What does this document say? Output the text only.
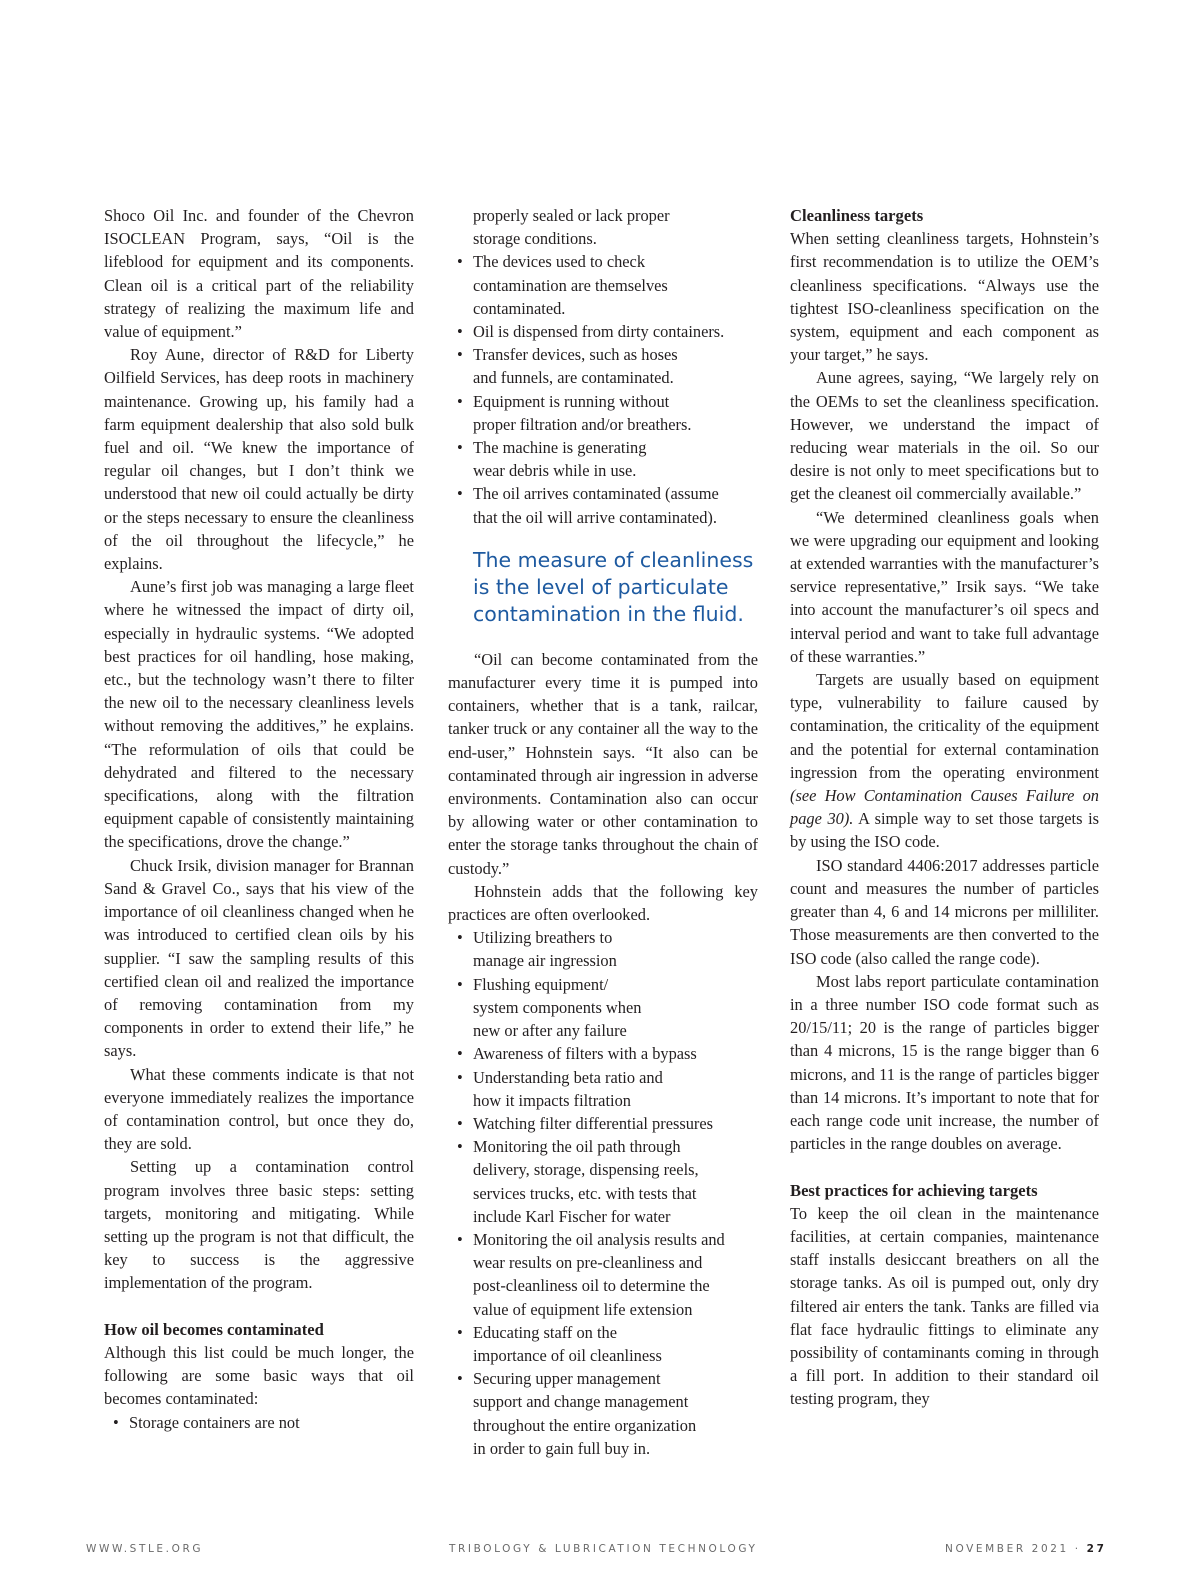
Shoco Oil Inc. and founder of the Chevron ISOCLEAN Program, says, “Oil is the lifeblood for equipment and its components. Clean oil is a critical part of the reliability strategy of realizing the maximum life and value of equipment.”

Roy Aune, director of R&D for Liberty Oilfield Services, has deep roots in machinery maintenance. Growing up, his family had a farm equipment dealership that also sold bulk fuel and oil. “We knew the importance of regular oil changes, but I don’t think we understood that new oil could actually be dirty or the steps necessary to ensure the cleanliness of the oil throughout the lifecycle,” he explains.

Aune’s first job was managing a large fleet where he witnessed the impact of dirty oil, especially in hydraulic systems. “We adopted best practices for oil handling, hose making, etc., but the technology wasn’t there to filter the new oil to the necessary cleanliness levels without removing the additives,” he explains. “The reformulation of oils that could be dehydrated and filtered to the necessary specifications, along with the filtration equipment capable of consistently maintaining the specifications, drove the change.”

Chuck Irsik, division manager for Brannan Sand & Gravel Co., says that his view of the importance of oil cleanliness changed when he was introduced to certified clean oils by his supplier. “I saw the sampling results of this certified clean oil and realized the importance of removing contamination from my components in order to extend their life,” he says.

What these comments indicate is that not everyone immediately realizes the importance of contamination control, but once they do, they are sold.

Setting up a contamination control program involves three basic steps: setting targets, monitoring and mitigating. While setting up the program is not that difficult, the key to success is the aggressive implementation of the program.

How oil becomes contaminated

Although this list could be much longer, the following are some basic ways that oil becomes contaminated:

• Storage containers are not
properly sealed or lack proper
storage conditions.
• The devices used to check
contamination are themselves
contaminated.
• Oil is dispensed from dirty containers.
• Transfer devices, such as hoses
and funnels, are contaminated.
• Equipment is running without
proper filtration and/or breathers.
• The machine is generating
wear debris while in use.
• The oil arrives contaminated (assume
that the oil will arrive contaminated).
The measure of cleanliness
is the level of particulate
contamination in the fluid.

“Oil can become contaminated from the manufacturer every time it is pumped into containers, whether that is a tank, railcar, tanker truck or any container all the way to the end-user,” Hohnstein says. “It also can be contaminated through air ingression in adverse environments. Contamination also can occur by allowing water or other contamination to enter the storage tanks throughout the chain of custody.”

Hohnstein adds that the following key practices are often overlooked.

• Utilizing breathers to
manage air ingression
• Flushing equipment/
system components when
new or after any failure
• Awareness of filters with a bypass
• Understanding beta ratio and
how it impacts filtration
• Watching filter differential pressures
• Monitoring the oil path through
delivery, storage, dispensing reels,
services trucks, etc. with tests that
include Karl Fischer for water
• Monitoring the oil analysis results and
wear results on pre-cleanliness and
post-cleanliness oil to determine the
value of equipment life extension
• Educating staff on the
importance of oil cleanliness
• Securing upper management
support and change management
throughout the entire organization
in order to gain full buy in.
Cleanliness targets

When setting cleanliness targets, Hohnstein’s first recommendation is to utilize the OEM’s cleanliness specifications. “Always use the tightest ISO-cleanliness specification on the system, equipment and each component as your target,” he says.

Aune agrees, saying, “We largely rely on the OEMs to set the cleanliness specification. However, we understand the impact of reducing wear materials in the oil. So our desire is not only to meet specifications but to get the cleanest oil commercially available.”

“We determined cleanliness goals when we were upgrading our equipment and looking at extended warranties with the manufacturer’s service representative,” Irsik says. “We take into account the manufacturer’s oil specs and interval period and want to take full advantage of these warranties.”

Targets are usually based on equipment type, vulnerability to failure caused by contamination, the criticality of the equipment and the potential for external contamination ingression from the operating environment (see How Contamination Causes Failure on page 30). A simple way to set those targets is by using the ISO code.

ISO standard 4406:2017 addresses particle count and measures the number of particles greater than 4, 6 and 14 microns per milliliter. Those measurements are then converted to the ISO code (also called the range code).

Most labs report particulate contamination in a three number ISO code format such as 20/15/11; 20 is the range of particles bigger than 4 microns, 15 is the range bigger than 6 microns, and 11 is the range of particles bigger than 14 microns. It’s important to note that for each range code unit increase, the number of particles in the range doubles on average.

Best practices for achieving targets

To keep the oil clean in the maintenance facilities, at certain companies, maintenance staff installs desiccant breathers on all the storage tanks. As oil is pumped out, only dry filtered air enters the tank. Tanks are filled via flat face hydraulic fittings to eliminate any possibility of contaminants coming in through a fill port. In addition to their standard oil testing program, they

WWW.STLE.ORG	TRIBOLOGY & LUBRICATION TECHNOLOGY	NOVEMBER 2021 · 27
